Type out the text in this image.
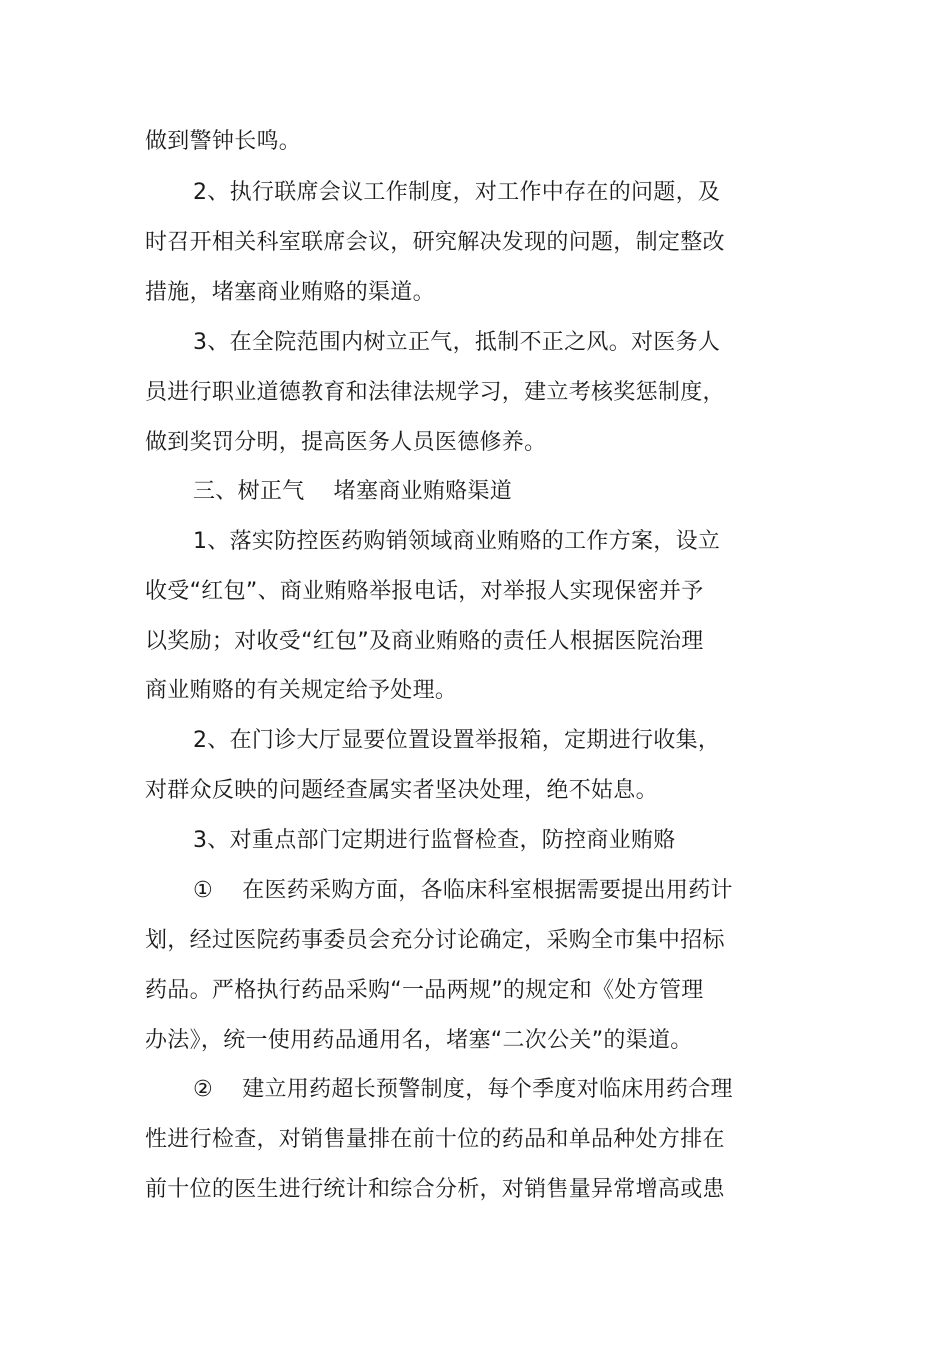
做到警钟长鸣。

2、执行联席会议工作制度，对工作中存在的问题，及

时召开相关科室联席会议，研究解决发现的问题，制定整改

措施，堵塞商业贿赂的渠道。

3、在全院范围内树立正气，抵制不正之风。对医务人

员进行职业道德教育和法律法规学习，建立考核奖惩制度，

做到奖罚分明，提高医务人员医德修养。

三、树正气    堵塞商业贿赂渠道

1、落实防控医药购销领域商业贿赂的工作方案，设立

收受“红包”、商业贿赂举报电话，对举报人实现保密并予

以奖励；对收受“红包”及商业贿赂的责任人根据医院治理

商业贿赂的有关规定给予处理。

2、在门诊大厅显要位置设置举报箱，定期进行收集，

对群众反映的问题经查属实者坚决处理，绝不姑息。

3、对重点部门定期进行监督检查，防控商业贿赂

①    在医药采购方面，各临床科室根据需要提出用药计

划，经过医院药事委员会充分讨论确定，采购全市集中招标

药品。严格执行药品采购“一品两规”的规定和《处方管理

办法》，统一使用药品通用名，堵塞“二次公关”的渠道。

②    建立用药超长预警制度，每个季度对临床用药合理

性进行检查，对销售量排在前十位的药品和单品种处方排在

前十位的医生进行统计和综合分析，对销售量异常增高或患
